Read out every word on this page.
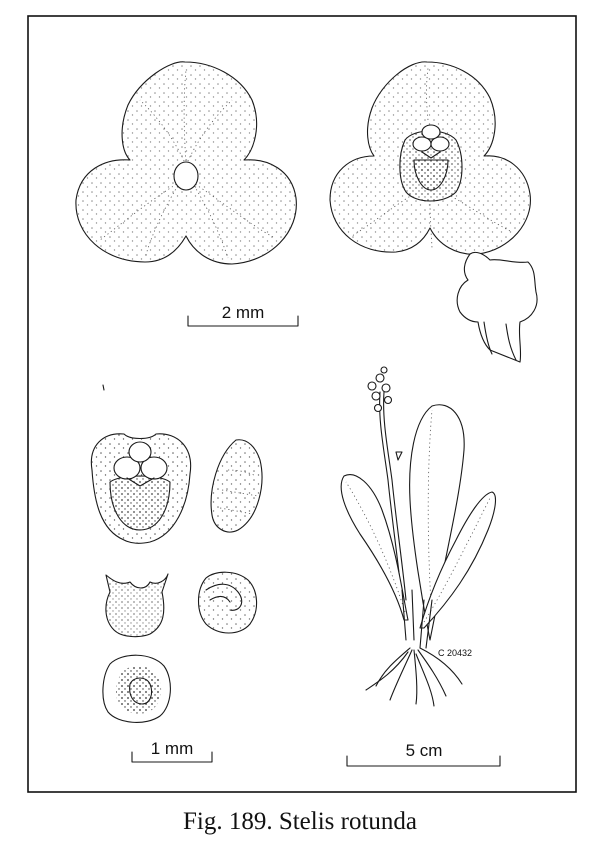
2 mm
1 mm
C 20432
5 cm
Fig. 189. Stelis rotunda
